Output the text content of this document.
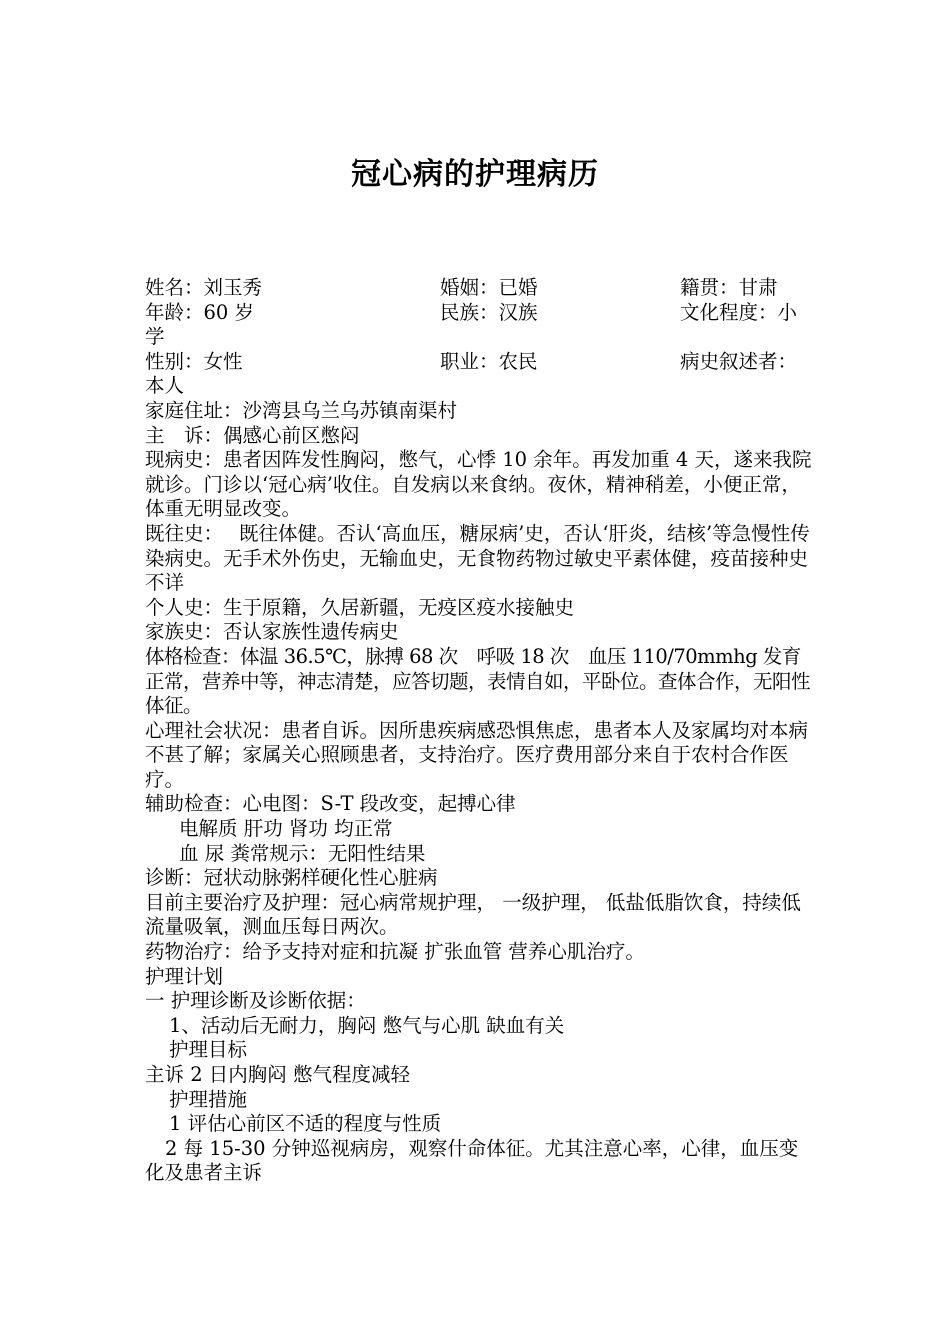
冠心病的护理病历
姓名：刘玉秀	婚姻：已婚	籍贯：甘肃
年龄：60 岁	民族：汉族	文化程度：小
学
性别：女性	职业：农民	病史叙述者：
本人
家庭住址：沙湾县乌兰乌苏镇南渠村
主　诉：偶感心前区憋闷
现病史：患者因阵发性胸闷，憋气，心悸 10 余年。再发加重 4 天，遂来我院就诊。门诊以‘冠心病’收住。自发病以来食纳。夜休，精神稍差，小便正常，体重无明显改变。
既往史：　 既往体健。否认‘高血压，糖尿病’史，否认‘肝炎，结核’等急慢性传染病史。无手术外伤史，无输血史，无食物药物过敏史平素体健，疫苗接种史不详
个人史：生于原籍，久居新疆，无疫区疫水接触史
家族史：否认家族性遗传病史
体格检查：体温 36.5℃，脉搏 68 次　呼吸 18 次　血压 110/70mmhg 发育正常，营养中等，神志清楚，应答切题，表情自如，平卧位。查体合作，无阳性体征。
心理社会状况：患者自诉。因所患疾病感恐惧焦虑，患者本人及家属均对本病不甚了解；家属关心照顾患者，支持治疗。医疗费用部分来自于农村合作医疗。
辅助检查：心电图：S-T 段改变，起搏心律
电解质 肝功 肾功 均正常
血 尿 粪常规示：无阳性结果
诊断：冠状动脉粥样硬化性心脏病
目前主要治疗及护理：冠心病常规护理， 一级护理， 低盐低脂饮食，持续低流量吸氧，测血压每日两次。
药物治疗：给予支持对症和抗凝 扩张血管 营养心肌治疗。
护理计划
一 护理诊断及诊断依据：
1、活动后无耐力，胸闷 憋气与心肌 缺血有关
护理目标
主诉 2 日内胸闷 憋气程度减轻
护理措施
1 评估心前区不适的程度与性质
2 每 15-30 分钟巡视病房，观察什命体征。尤其注意心率，心律，血压变化及患者主诉
